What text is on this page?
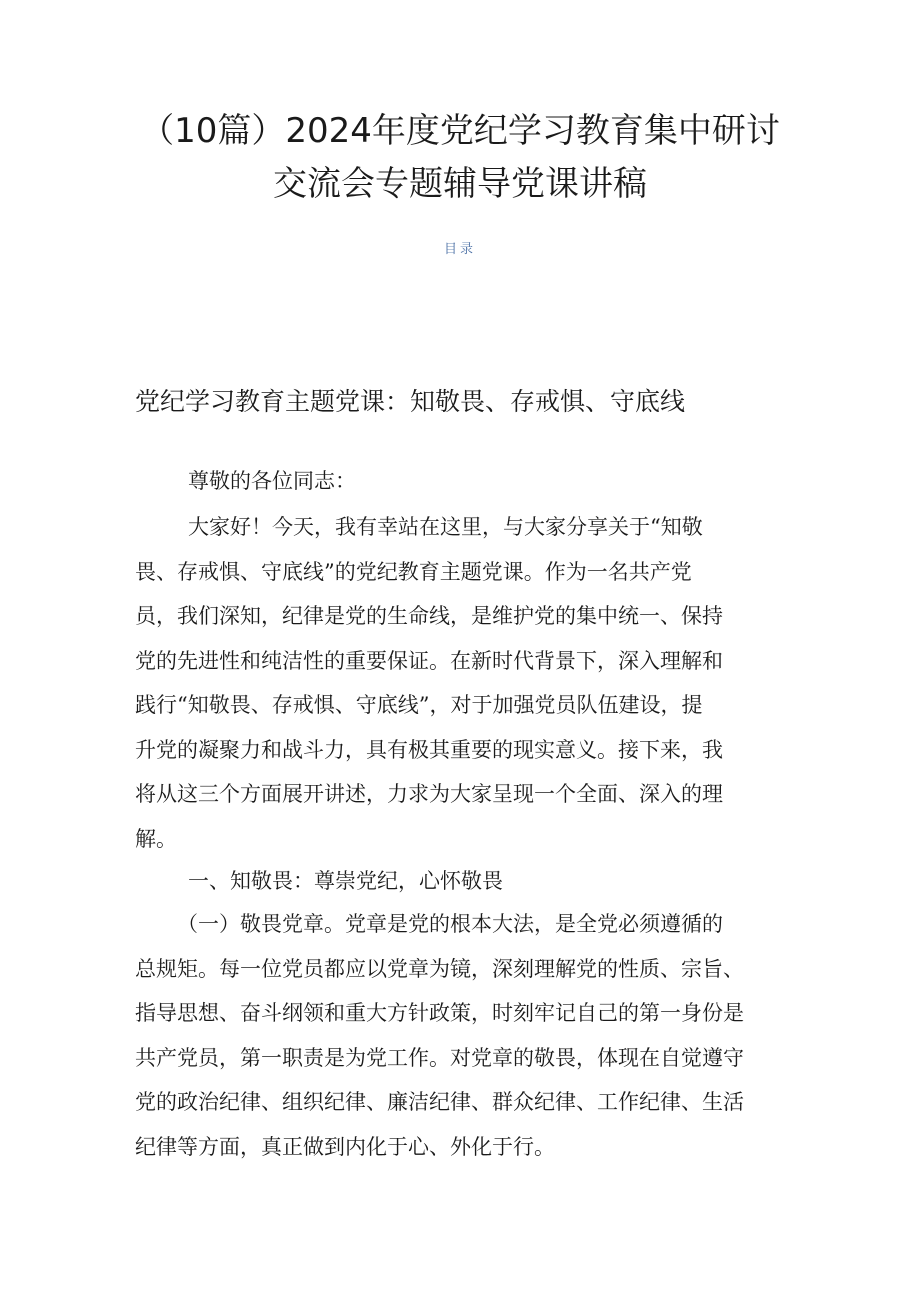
（10篇）2024年度党纪学习教育集中研讨
交流会专题辅导党课讲稿
目录
党纪学习教育主题党课：知敬畏、存戒惧、守底线
尊敬的各位同志：
大家好！今天，我有幸站在这里，与大家分享关于“知敬
畏、存戒惧、守底线”的党纪教育主题党课。作为一名共产党
员，我们深知，纪律是党的生命线，是维护党的集中统一、保持
党的先进性和纯洁性的重要保证。在新时代背景下，深入理解和
践行“知敬畏、存戒惧、守底线”，对于加强党员队伍建设，提
升党的凝聚力和战斗力，具有极其重要的现实意义。接下来，我
将从这三个方面展开讲述，力求为大家呈现一个全面、深入的理
解。
一、知敬畏：尊崇党纪，心怀敬畏
（一）敬畏党章。党章是党的根本大法，是全党必须遵循的
总规矩。每一位党员都应以党章为镜，深刻理解党的性质、宗旨、
指导思想、奋斗纲领和重大方针政策，时刻牢记自己的第一身份是
共产党员，第一职责是为党工作。对党章的敬畏，体现在自觉遵守
党的政治纪律、组织纪律、廉洁纪律、群众纪律、工作纪律、生活
纪律等方面，真正做到内化于心、外化于行。
